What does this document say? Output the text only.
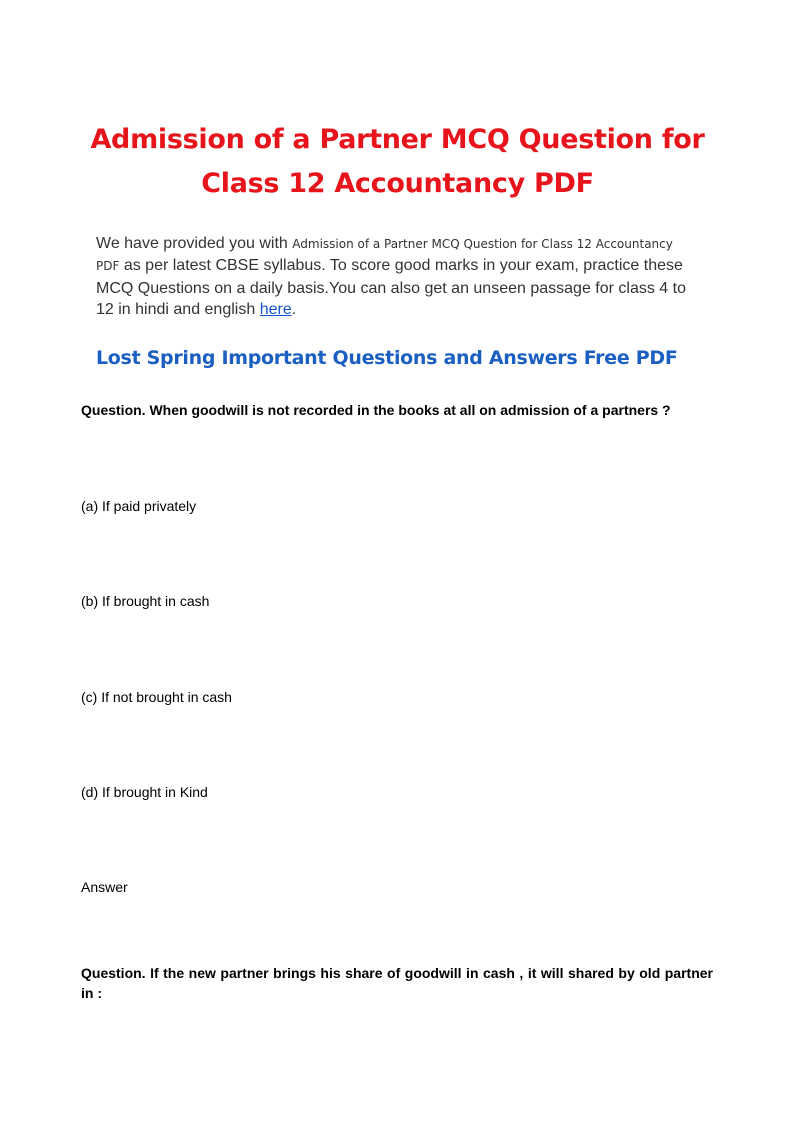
Admission of a Partner MCQ Question for Class 12 Accountancy PDF

We have provided you with Admission of a Partner MCQ Question for Class 12 Accountancy PDF as per latest CBSE syllabus. To score good marks in your exam, practice these MCQ Questions on a daily basis.You can also get an unseen passage for class 4 to 12 in hindi and english here.

Lost Spring Important Questions and Answers Free PDF

Question. When goodwill is not recorded in the books at all on admission of a partners ?

(a) If paid privately

(b) If brought in cash

(c) If not brought in cash

(d) If brought in Kind

Answer

Question. If the new partner brings his share of goodwill in cash , it will shared by old partner in :
